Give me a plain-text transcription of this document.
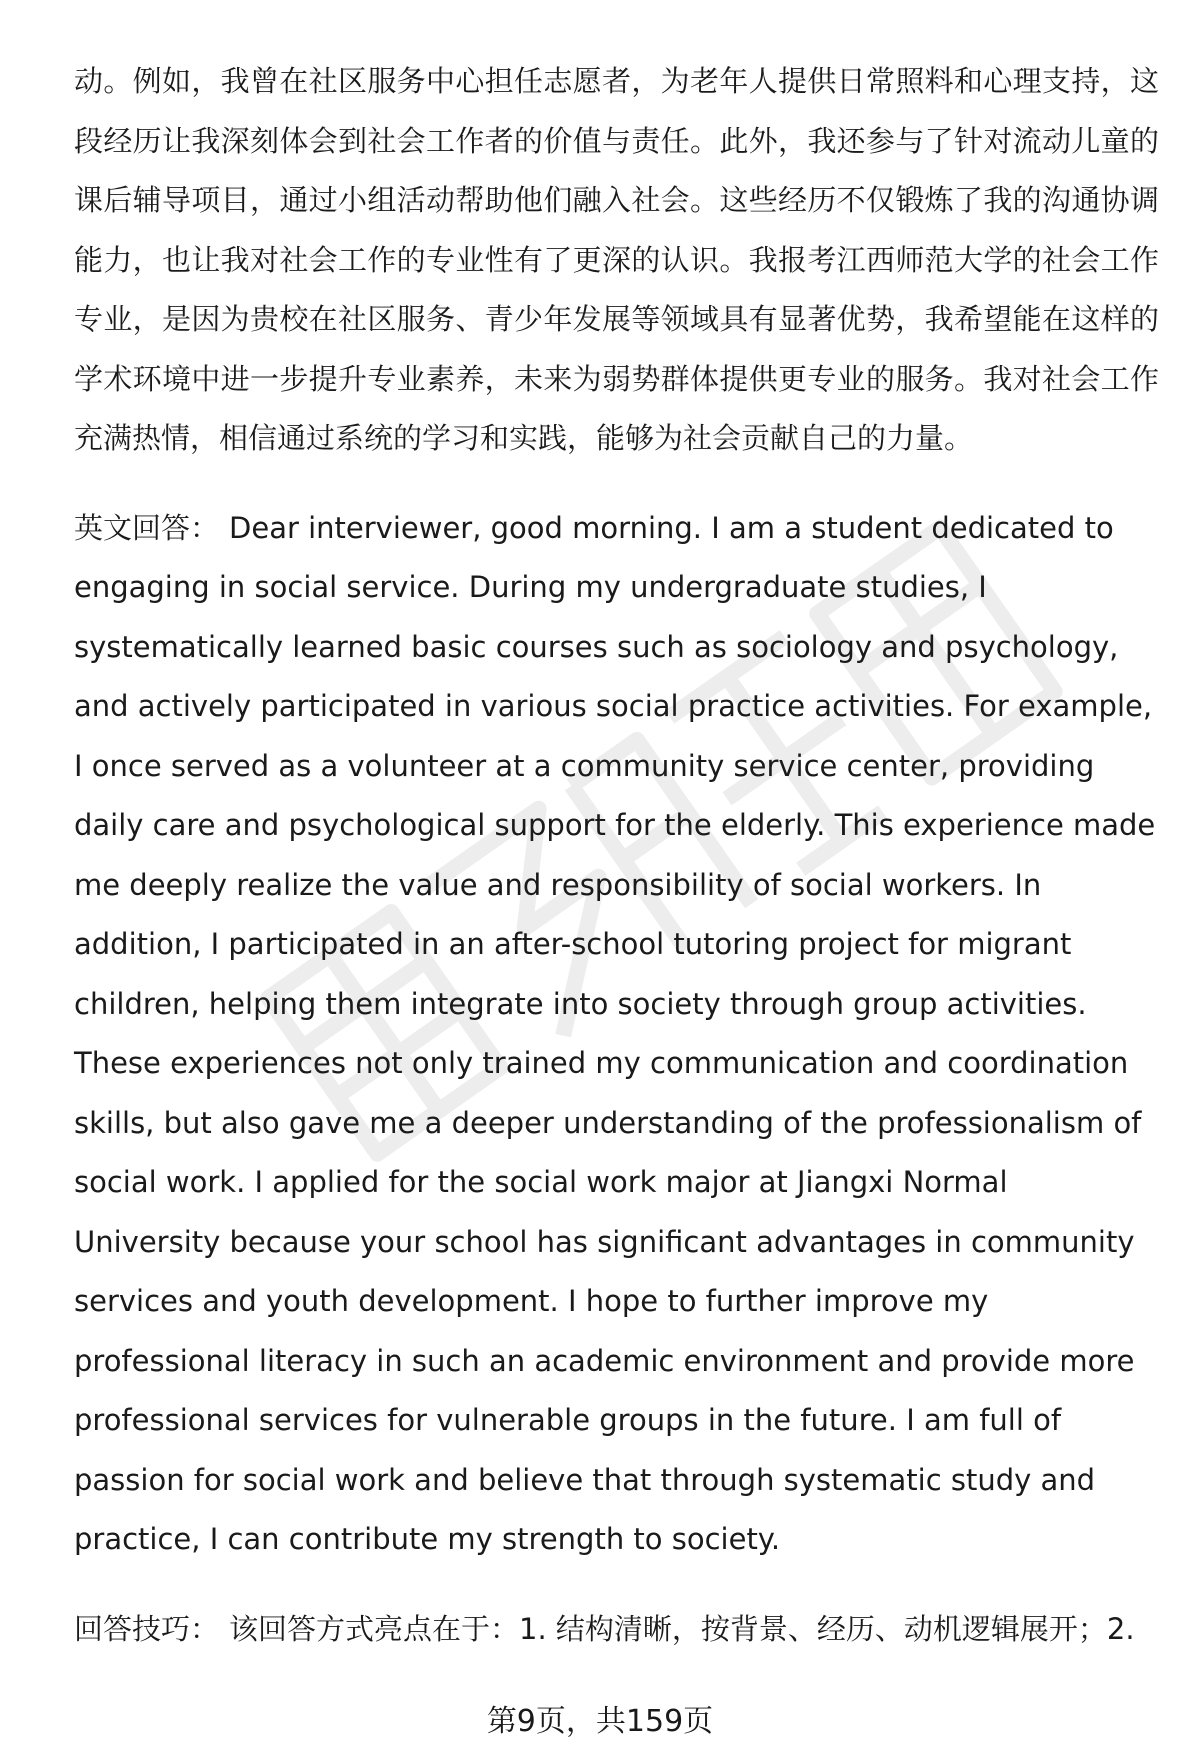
动。例如，我曾在社区服务中心担任志愿者，为老年人提供日常照料和心理支持，这段经历让我深刻体会到社会工作者的价值与责任。此外，我还参与了针对流动儿童的课后辅导项目，通过小组活动帮助他们融入社会。这些经历不仅锻炼了我的沟通协调能力，也让我对社会工作的专业性有了更深的认识。我报考江西师范大学的社会工作专业，是因为贵校在社区服务、青少年发展等领域具有显著优势，我希望能在这样的学术环境中进一步提升专业素养，未来为弱势群体提供更专业的服务。我对社会工作充满热情，相信通过系统的学习和实践，能够为社会贡献自己的力量。

英文回答： Dear interviewer, good morning. I am a student dedicated to engaging in social service. During my undergraduate studies, I systematically learned basic courses such as sociology and psychology, and actively participated in various social practice activities. For example, I once served as a volunteer at a community service center, providing daily care and psychological support for the elderly. This experience made me deeply realize the value and responsibility of social workers. In addition, I participated in an after-school tutoring project for migrant children, helping them integrate into society through group activities. These experiences not only trained my communication and coordination skills, but also gave me a deeper understanding of the professionalism of social work. I applied for the social work major at Jiangxi Normal University because your school has significant advantages in community services and youth development. I hope to further improve my professional literacy in such an academic environment and provide more professional services for vulnerable groups in the future. I am full of passion for social work and believe that through systematic study and practice, I can contribute my strength to society.

回答技巧： 该回答方式亮点在于：1. 结构清晰，按背景、经历、动机逻辑展开；2.

第9页，共159页
